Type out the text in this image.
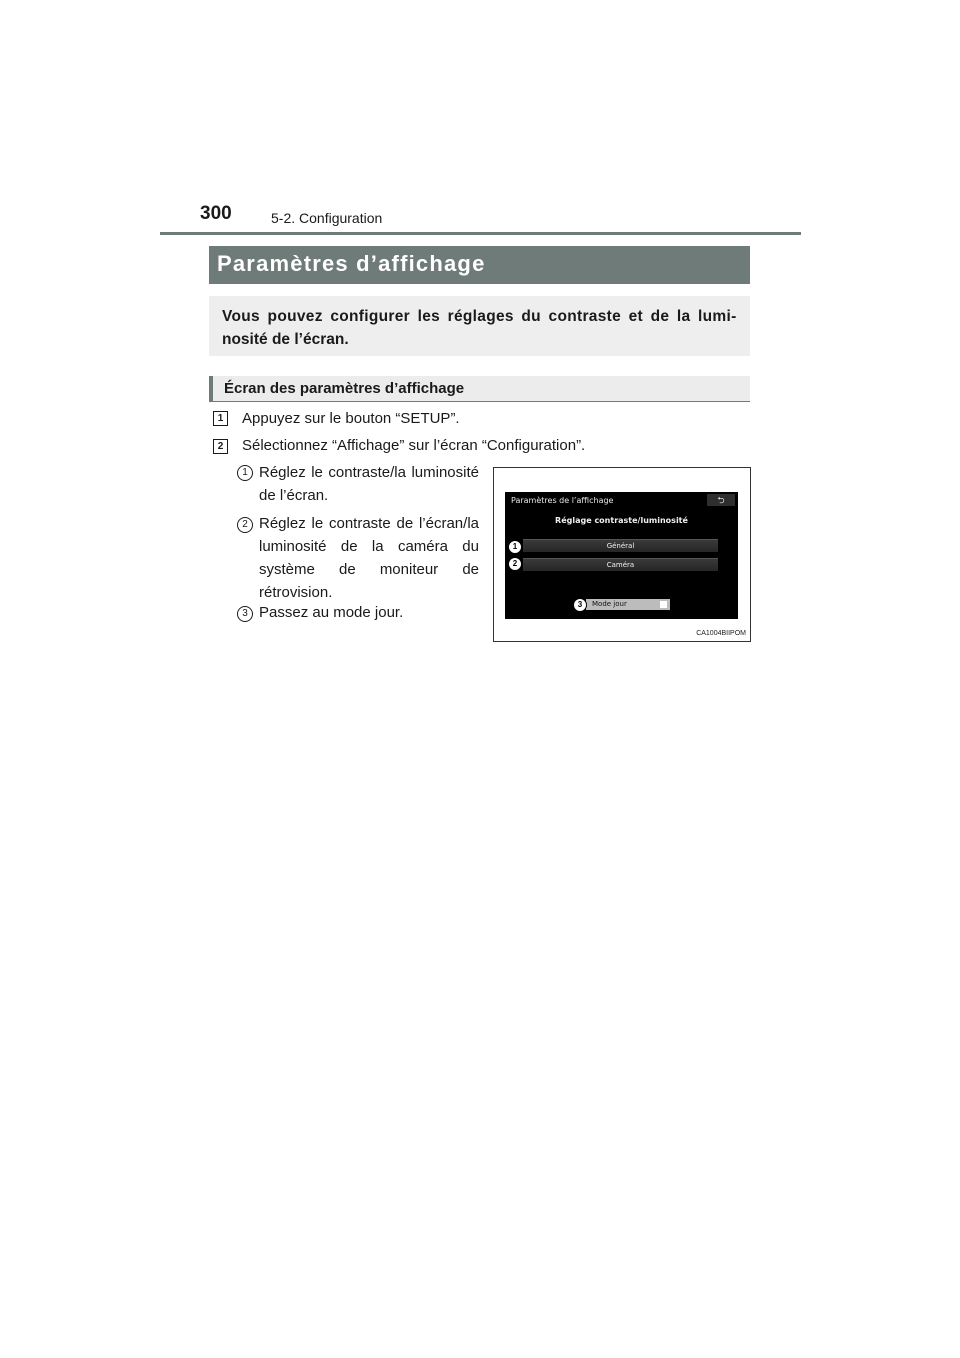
300	5-2. Configuration
Paramètres d’affichage
Vous pouvez configurer les réglages du contraste et de la lumi-
nosité de l’écran.
Écran des paramètres d’affichage
1	Appuyez sur le bouton “SETUP”.
2	Sélectionnez “Affichage” sur l’écran “Configuration”.
1 Réglez le contraste/la luminosité de l’écran.
2 Réglez le contraste de l’écran/la luminosité de la caméra du système de moniteur de rétrovision.
3 Passez au mode jour.
Paramètres de l’affichage	⮌
Réglage contraste/luminosité
Général
Caméra
Mode jour
1
2
3
CA1004BIIPOM
